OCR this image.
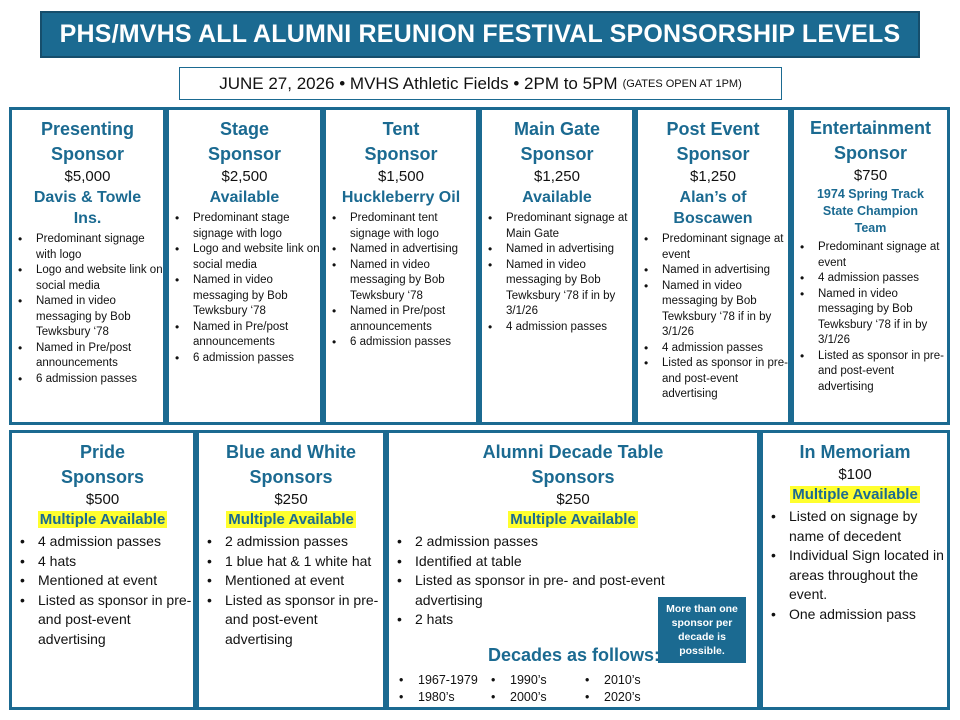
PHS/MVHS ALL ALUMNI REUNION FESTIVAL SPONSORSHIP LEVELS
JUNE 27, 2026 • MVHS Athletic Fields • 2PM to 5PM (GATES OPEN AT 1PM)
Presenting
Sponsor
$5,000
Davis & Towle
Ins.
• Predominant signage with logo
• Logo and website link on social media
• Named in video messaging by Bob Tewksbury ‘78
• Named in Pre/post announcements
• 6 admission passes
Stage
Sponsor
$2,500
Available
• Predominant stage signage with logo
• Logo and website link on social media
• Named in video messaging by Bob Tewksbury ‘78
• Named in Pre/post announcements
• 6 admission passes
Tent
Sponsor
$1,500
Huckleberry Oil
• Predominant tent signage with logo
• Named in advertising
• Named in video messaging by Bob Tewksbury ‘78
• Named in Pre/post announcements
• 6 admission passes
Main Gate
Sponsor
$1,250
Available
• Predominant signage at Main Gate
• Named in advertising
• Named in video messaging by Bob Tewksbury ‘78 if in by 3/1/26
• 4 admission passes
Post Event
Sponsor
$1,250
Alan’s of
Boscawen
• Predominant signage at event
• Named in advertising
• Named in video messaging by Bob Tewksbury ‘78 if in by 3/1/26
• 4 admission passes
• Listed as sponsor in pre- and post-event advertising
Entertainment
Sponsor
$750
1974 Spring Track
State Champion
Team
• Predominant signage at event
• 4 admission passes
• Named in video messaging by Bob Tewksbury ‘78 if in by 3/1/26
• Listed as sponsor in pre- and post-event advertising
Pride
Sponsors
$500
Multiple Available
• 4 admission passes
• 4 hats
• Mentioned at event
• Listed as sponsor in pre- and post-event advertising
Blue and White
Sponsors
$250
Multiple Available
• 2 admission passes
• 1 blue hat & 1 white hat
• Mentioned at event
• Listed as sponsor in pre- and post-event advertising
Alumni Decade Table
Sponsors
$250
Multiple Available
• 2 admission passes
• Identified at table
• Listed as sponsor in pre- and post-event advertising
• 2 hats
More than one sponsor per decade is possible.
Decades as follows:
• 1967-1979
• 1980’s
• 1990’s
• 2000’s
• 2010’s
• 2020’s
In Memoriam
$100
Multiple Available
• Listed on signage by name of decedent
• Individual Sign located in areas throughout the event.
• One admission pass
